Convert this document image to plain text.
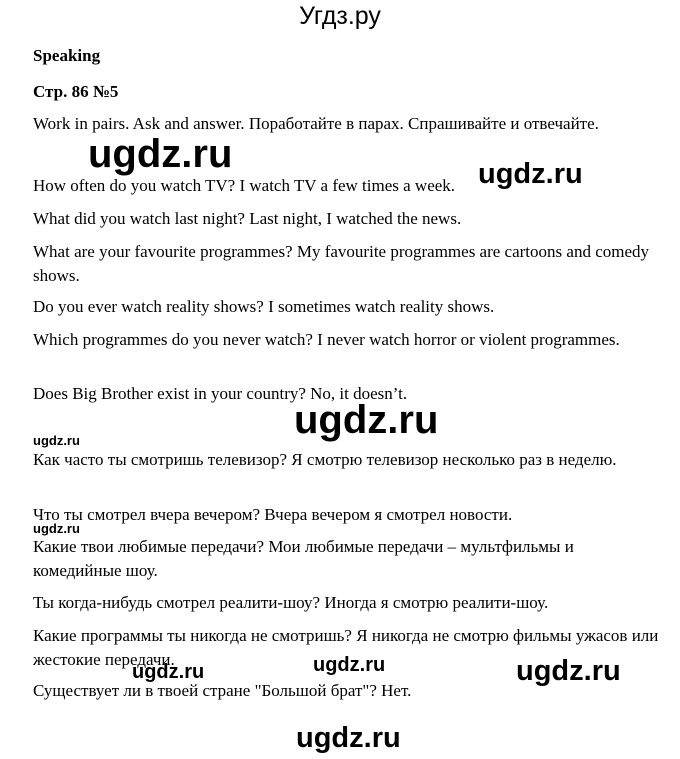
Угдз.ру
Speaking
Стр. 86 №5
Work in pairs. Ask and answer. Поработайте в парах. Спрашивайте и отвечайте.
How often do you watch TV? I watch TV a few times a week.
What did you watch last night? Last night, I watched the news.
What are your favourite programmes? My favourite programmes are cartoons and comedy shows.
Do you ever watch reality shows? I sometimes watch reality shows.
Which programmes do you never watch? I never watch horror or violent programmes.
Does Big Brother exist in your country? No, it doesn’t.
Как часто ты смотришь телевизор? Я смотрю телевизор несколько раз в неделю.
Что ты смотрел вчера вечером? Вчера вечером я смотрел новости.
Какие твои любимые передачи? Мои любимые передачи – мультфильмы и комедийные шоу.
Ты когда-нибудь смотрел реалити-шоу? Иногда я смотрю реалити-шоу.
Какие программы ты никогда не смотришь? Я никогда не смотрю фильмы ужасов или жестокие передачи.
Существует ли в твоей стране "Большой брат"? Нет.
ugdz.ru	ugdz.ru
ugdz.ru
ugdz.ru
ugdz.ru
ugdz.ru	ugdz.ru	ugdz.ru
ugdz.ru
